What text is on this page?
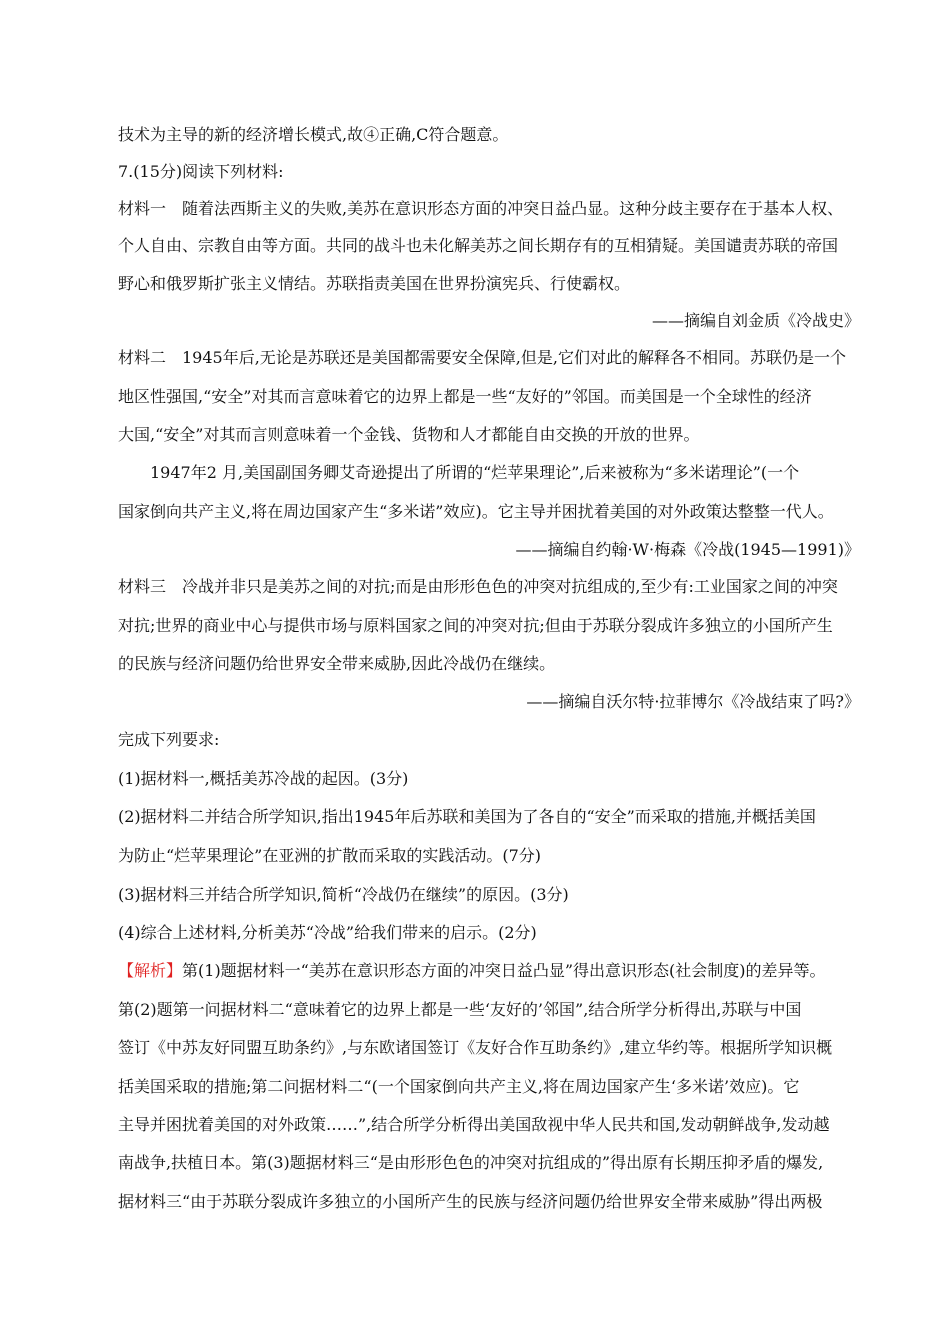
技术为主导的新的经济增长模式,故④正确,C符合题意。
7.(15分)阅读下列材料:
材料一　随着法西斯主义的失败,美苏在意识形态方面的冲突日益凸显。这种分歧主要存在于基本人权、
个人自由、宗教自由等方面。共同的战斗也未化解美苏之间长期存有的互相猜疑。美国谴责苏联的帝国
野心和俄罗斯扩张主义情结。苏联指责美国在世界扮演宪兵、行使霸权。
——摘编自刘金质《冷战史》
材料二　1945年后,无论是苏联还是美国都需要安全保障,但是,它们对此的解释各不相同。苏联仍是一个
地区性强国,“安全”对其而言意味着它的边界上都是一些“友好的”邻国。而美国是一个全球性的经济
大国,“安全”对其而言则意味着一个金钱、货物和人才都能自由交换的开放的世界。
1947年2 月,美国副国务卿艾奇逊提出了所谓的“烂苹果理论”,后来被称为“多米诺理论”(一个
国家倒向共产主义,将在周边国家产生“多米诺”效应)。它主导并困扰着美国的对外政策达整整一代人。
——摘编自约翰·W·梅森《冷战(1945—1991)》
材料三　冷战并非只是美苏之间的对抗;而是由形形色色的冲突对抗组成的,至少有:工业国家之间的冲突
对抗;世界的商业中心与提供市场与原料国家之间的冲突对抗;但由于苏联分裂成许多独立的小国所产生
的民族与经济问题仍给世界安全带来威胁,因此冷战仍在继续。
——摘编自沃尔特·拉菲博尔《冷战结束了吗?》
完成下列要求:
(1)据材料一,概括美苏冷战的起因。(3分)
(2)据材料二并结合所学知识,指出1945年后苏联和美国为了各自的“安全”而采取的措施,并概括美国
为防止“烂苹果理论”在亚洲的扩散而采取的实践活动。(7分)
(3)据材料三并结合所学知识,简析“冷战仍在继续”的原因。(3分)
(4)综合上述材料,分析美苏“冷战”给我们带来的启示。(2分)
【解析】第(1)题据材料一“美苏在意识形态方面的冲突日益凸显”得出意识形态(社会制度)的差异等。
第(2)题第一问据材料二“意味着它的边界上都是一些‘友好的’邻国”,结合所学分析得出,苏联与中国
签订《中苏友好同盟互助条约》,与东欧诸国签订《友好合作互助条约》,建立华约等。根据所学知识概
括美国采取的措施;第二问据材料二“(一个国家倒向共产主义,将在周边国家产生‘多米诺’效应)。它
主导并困扰着美国的对外政策……”,结合所学分析得出美国敌视中华人民共和国,发动朝鲜战争,发动越
南战争,扶植日本。第(3)题据材料三“是由形形色色的冲突对抗组成的”得出原有长期压抑矛盾的爆发,
据材料三“由于苏联分裂成许多独立的小国所产生的民族与经济问题仍给世界安全带来威胁”得出两极
